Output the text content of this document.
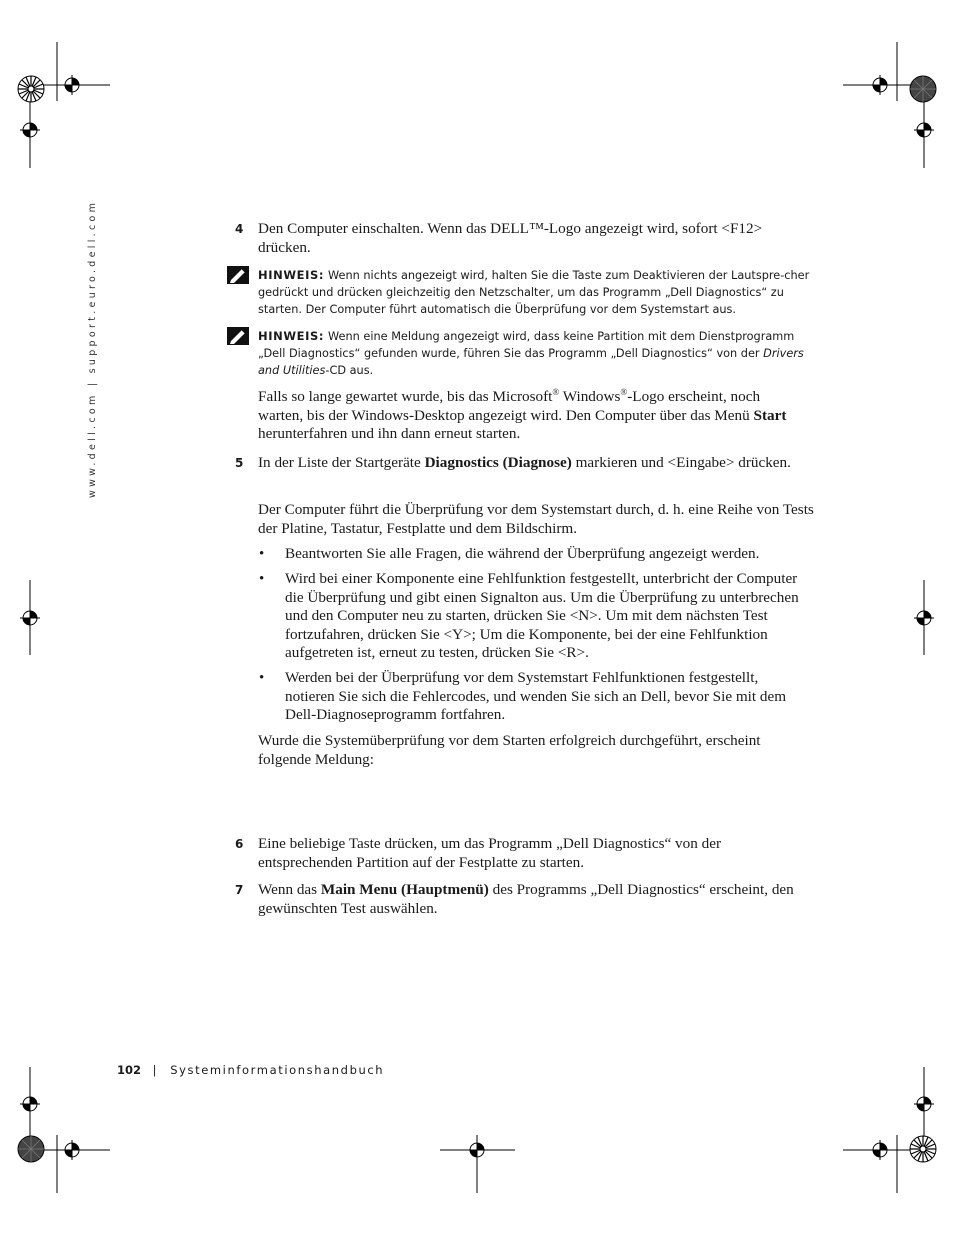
www.dell.com | support.euro.dell.com	4 Den Computer einschalten. Wenn das DELL™-Logo angezeigt wird, sofort <F12> drücken.
HINWEIS: Wenn nichts angezeigt wird, halten Sie die Taste zum Deaktivieren der Lautspre-cher gedrückt und drücken gleichzeitig den Netzschalter, um das Programm „Dell Diagnostics“ zu starten. Der Computer führt automatisch die Überprüfung vor dem Systemstart aus.
HINWEIS: Wenn eine Meldung angezeigt wird, dass keine Partition mit dem Dienstprogramm „Dell Diagnostics“ gefunden wurde, führen Sie das Programm „Dell Diagnostics“ von der Drivers and Utilities-CD aus.
Falls so lange gewartet wurde, bis das Microsoft® Windows®-Logo erscheint, noch warten, bis der Windows-Desktop angezeigt wird. Den Computer über das Menü Start herunterfahren und ihn dann erneut starten.
5 In der Liste der Startgeräte Diagnostics (Diagnose) markieren und <Eingabe> drücken.
Der Computer führt die Überprüfung vor dem Systemstart durch, d. h. eine Reihe von Tests der Platine, Tastatur, Festplatte und dem Bildschirm.
• Beantworten Sie alle Fragen, die während der Überprüfung angezeigt werden.
• Wird bei einer Komponente eine Fehlfunktion festgestellt, unterbricht der Computer die Überprüfung und gibt einen Signalton aus. Um die Überprüfung zu unterbrechen und den Computer neu zu starten, drücken Sie <N>. Um mit dem nächsten Test fortzufahren, drücken Sie <Y>; Um die Komponente, bei der eine Fehlfunktion aufgetreten ist, erneut zu testen, drücken Sie <R>.
• Werden bei der Überprüfung vor dem Systemstart Fehlfunktionen festgestellt, notieren Sie sich die Fehlercodes, und wenden Sie sich an Dell, bevor Sie mit dem Dell-Diagnoseprogramm fortfahren.
Wurde die Systemüberprüfung vor dem Starten erfolgreich durchgeführt, erscheint folgende Meldung:
6 Eine beliebige Taste drücken, um das Programm „Dell Diagnostics“ von der entsprechenden Partition auf der Festplatte zu starten.
7 Wenn das Main Menu (Hauptmenü) des Programms „Dell Diagnostics“ erscheint, den gewünschten Test auswählen.
102 | Systeminformationshandbuch
